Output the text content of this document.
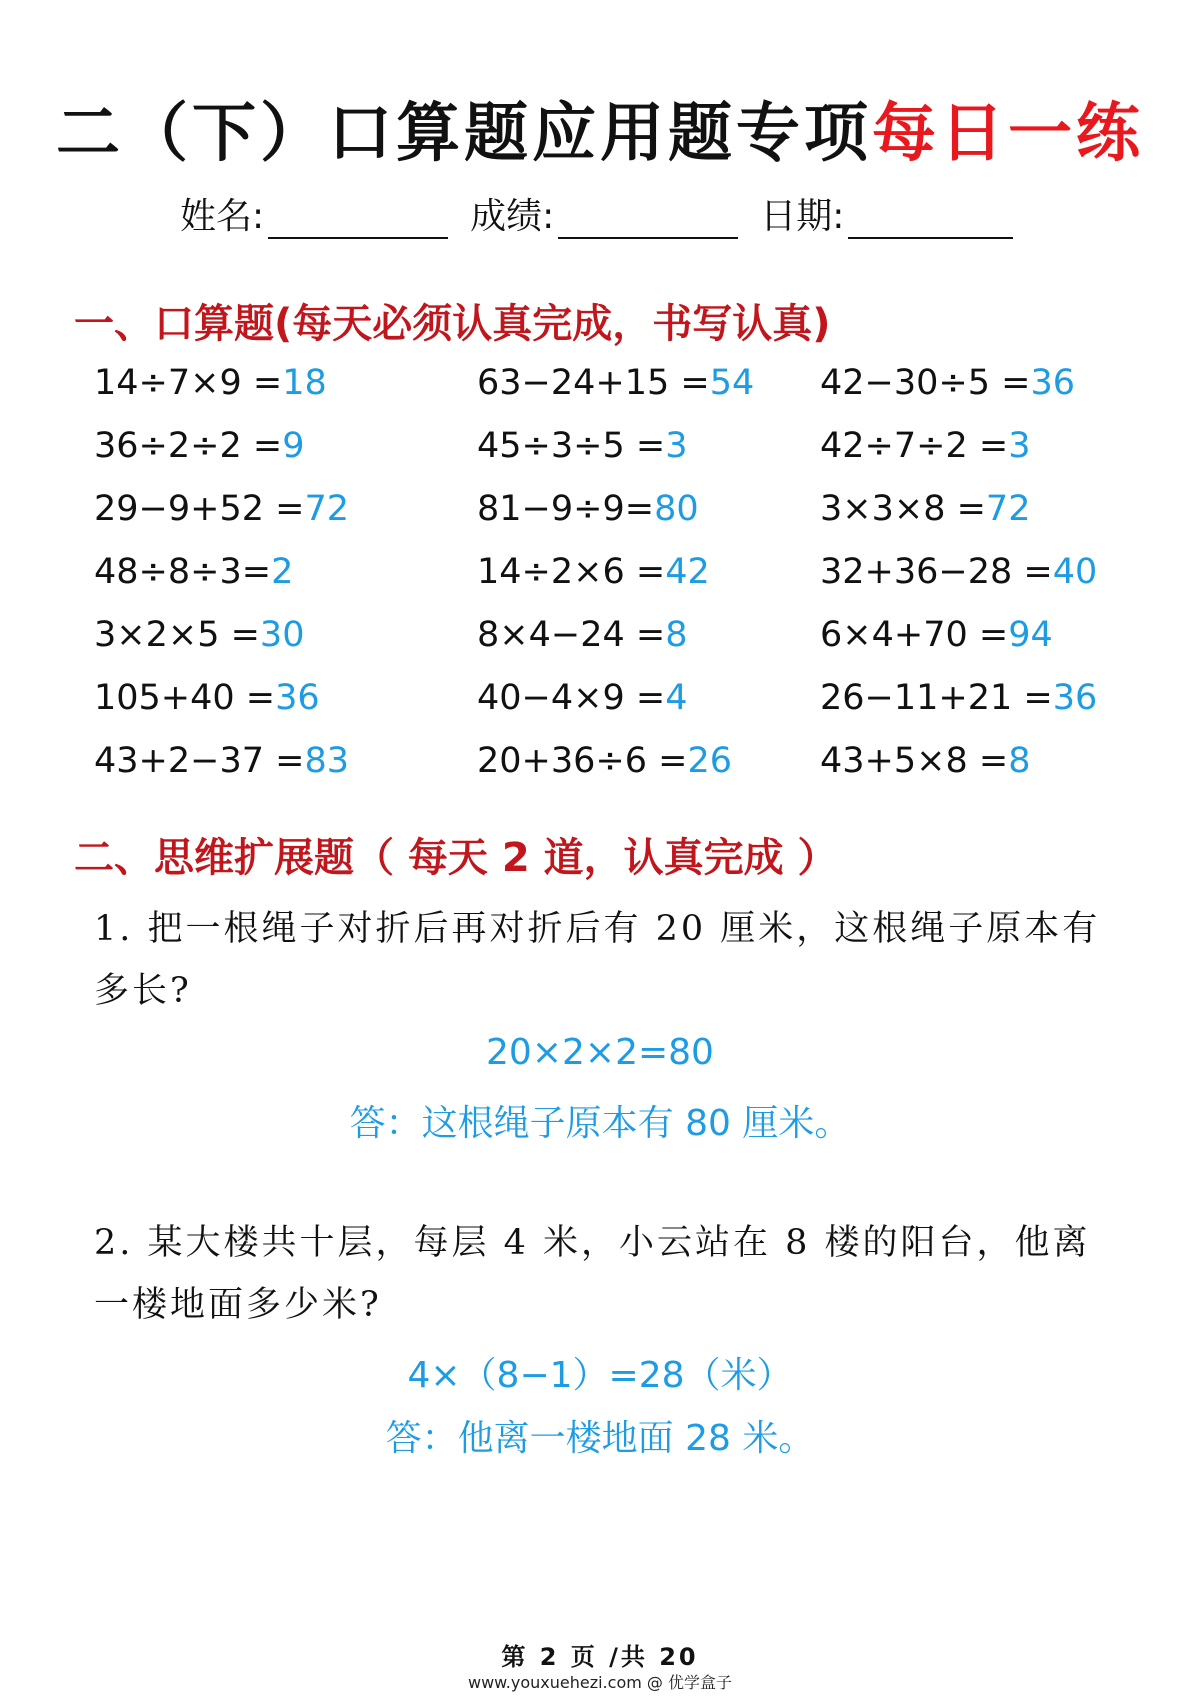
二（下）口算题应用题专项每日一练
姓名:	成绩:	日期:
一、口算题(每天必须认真完成，书写认真)
14÷7×9 =18	63−24+15 =54 42−30÷5 =36
36÷2÷2 =9	45÷3÷5 =3	42÷7÷2 =3
29−9+52 =72	81−9÷9=80	3×3×8 =72
48÷8÷3=2	14÷2×6 =42	32+36−28 =40
3×2×5 =30	8×4−24 =8	6×4+70 =94
105+40 =36	40−4×9 =4	26−11+21 =36
43+2−37 =83	20+36÷6 =26	43+5×8 =8
二、思维扩展题（ 每天 2 道，认真完成 ）
1. 把一根绳子对折后再对折后有 20 厘米，这根绳子原本有多长?
20×2×2=80
答：这根绳子原本有 80 厘米。
2. 某大楼共十层，每层 4 米，小云站在 8 楼的阳台，他离一楼地面多少米?
4×（8−1）=28（米）
答：他离一楼地面 28 米。
第 2 页 /共 20
www.youxuehezi.com @ 优学盒子
